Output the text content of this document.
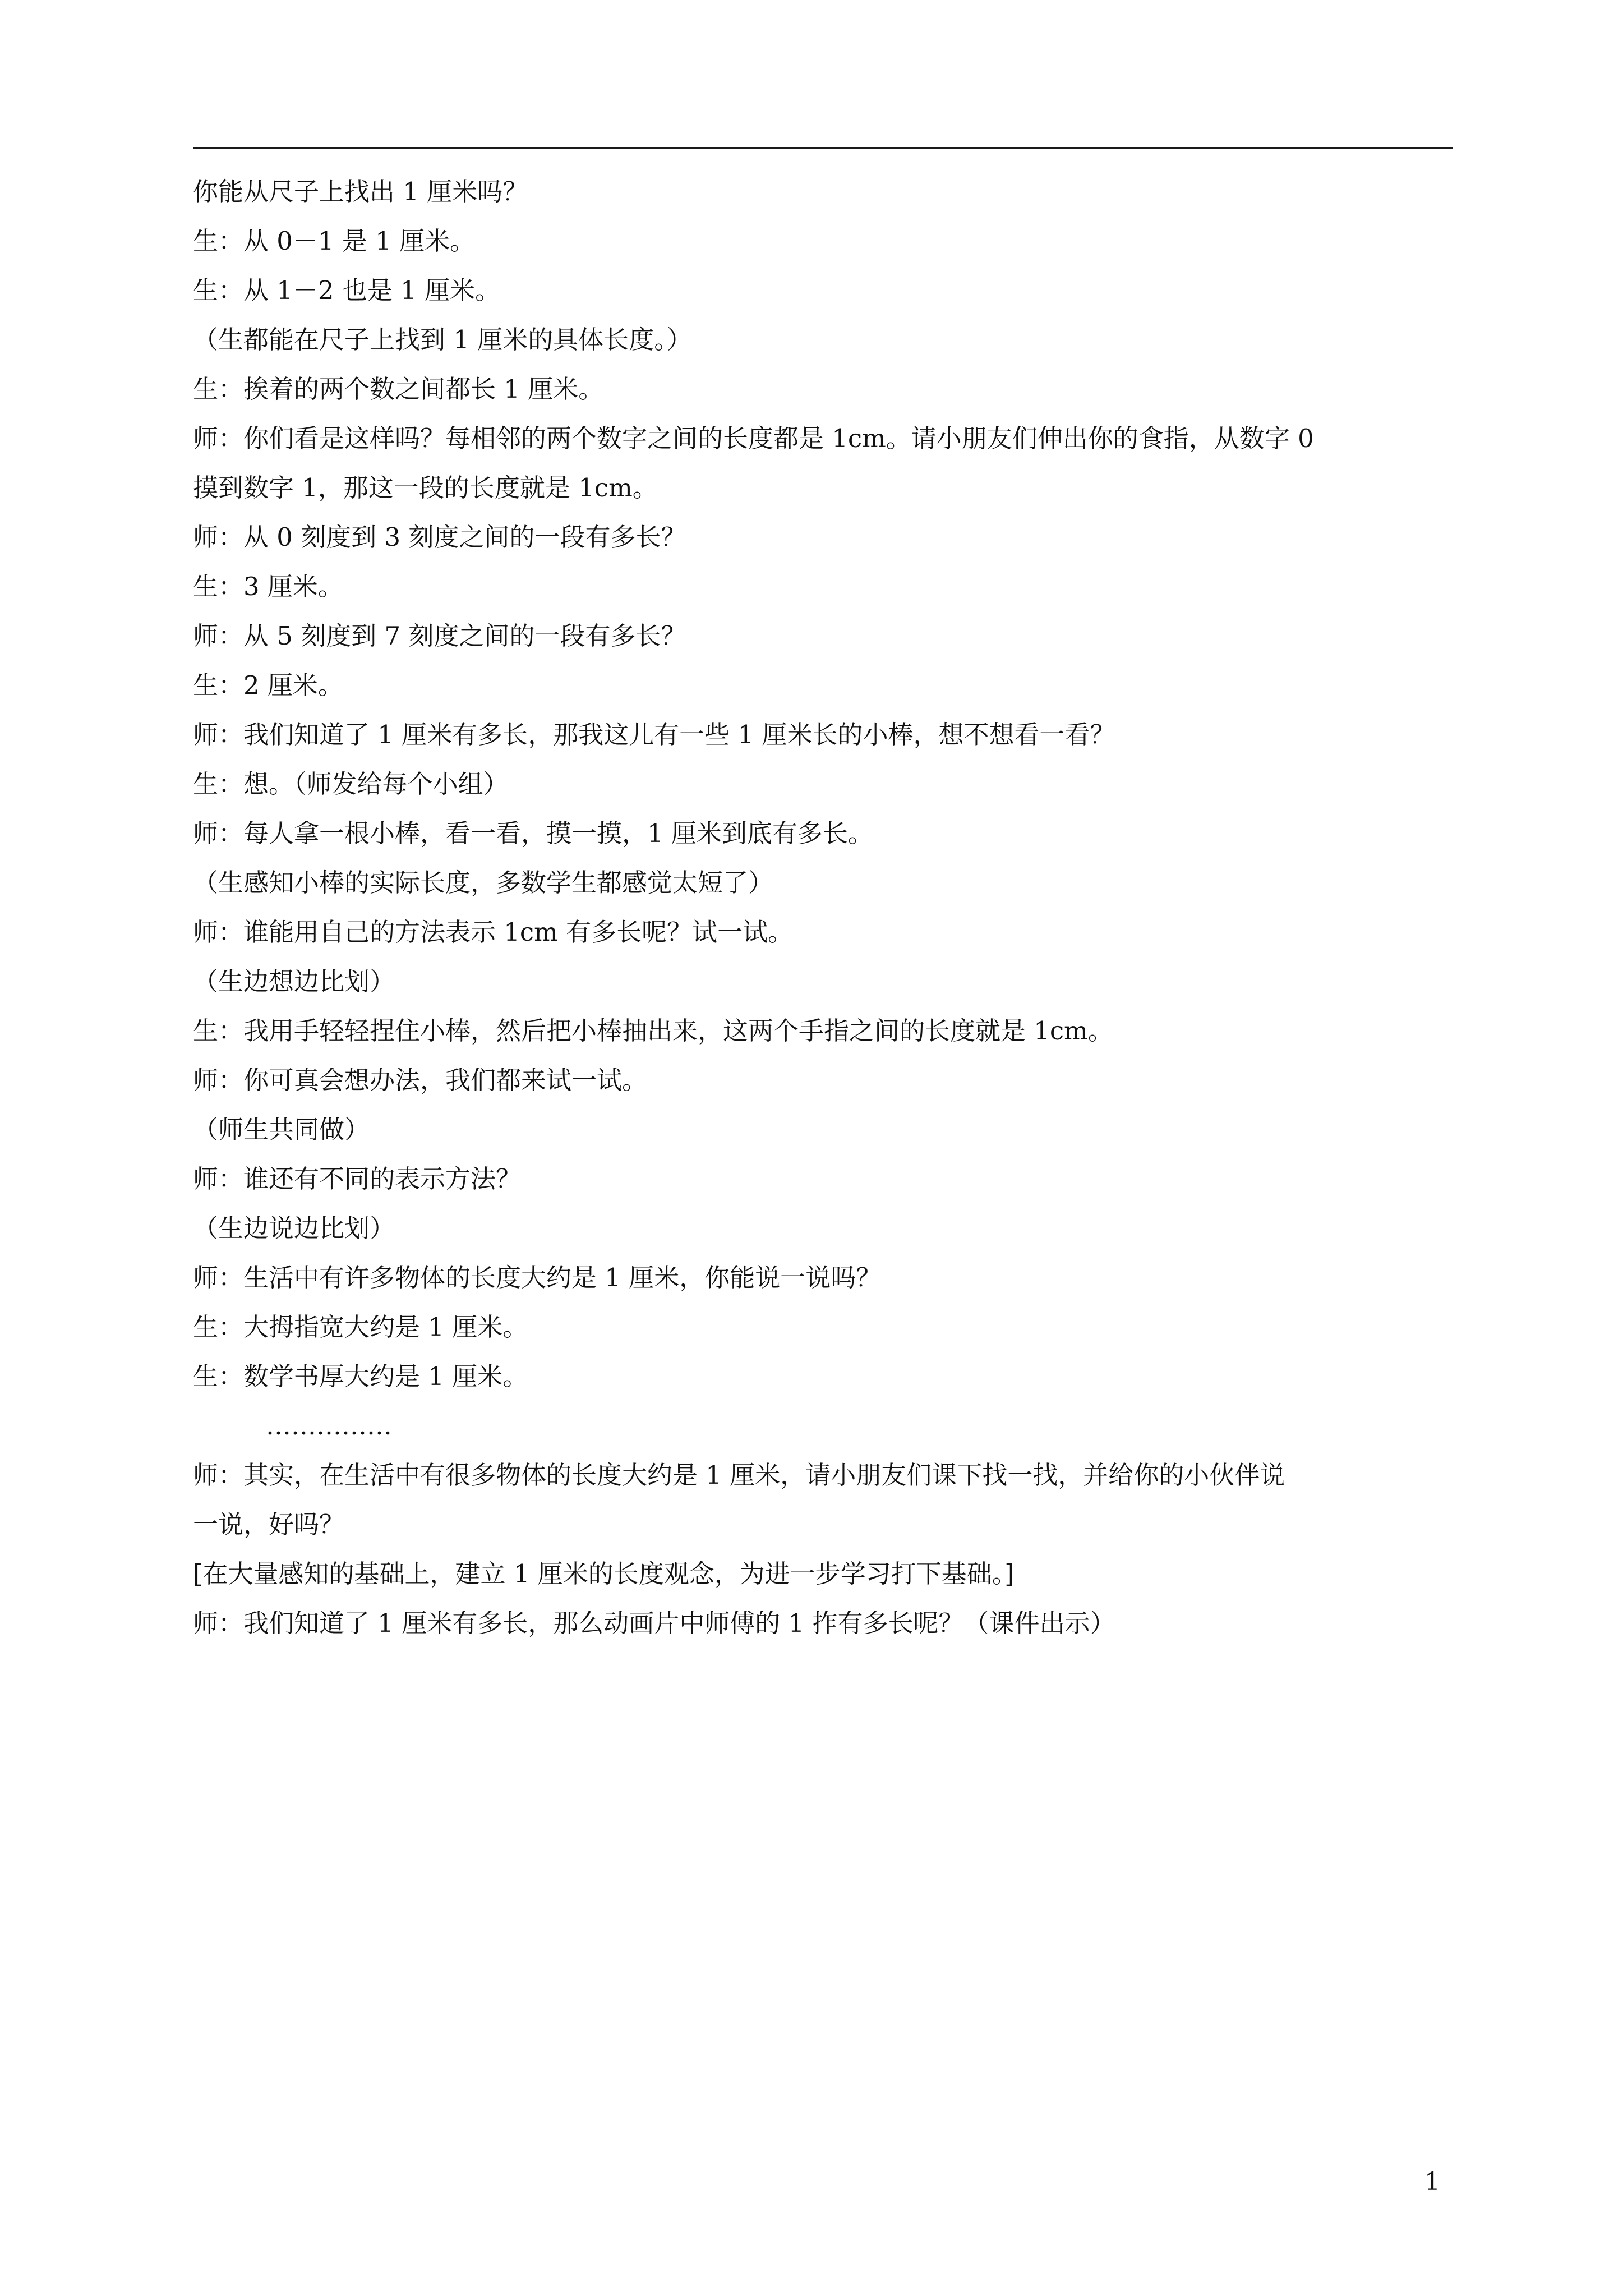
你能从尺子上找出 1 厘米吗？
生：从 0－1 是 1 厘米。
生：从 1－2 也是 1 厘米。
（生都能在尺子上找到 1 厘米的具体长度。）
生：挨着的两个数之间都长 1 厘米。
师：你们看是这样吗？每相邻的两个数字之间的长度都是 1cm。请小朋友们伸出你的食指，从数字 0
摸到数字 1，那这一段的长度就是 1cm。
师：从 0 刻度到 3 刻度之间的一段有多长？
生：3 厘米。
师：从 5 刻度到 7 刻度之间的一段有多长？
生：2 厘米。
师：我们知道了 1 厘米有多长，那我这儿有一些 1 厘米长的小棒，想不想看一看？
生：想。（师发给每个小组）
师：每人拿一根小棒，看一看，摸一摸，1 厘米到底有多长。
（生感知小棒的实际长度，多数学生都感觉太短了）
师：谁能用自己的方法表示 1cm 有多长呢？试一试。
（生边想边比划）
生：我用手轻轻捏住小棒，然后把小棒抽出来，这两个手指之间的长度就是 1cm。
师：你可真会想办法，我们都来试一试。
（师生共同做）
师：谁还有不同的表示方法？
（生边说边比划）
师：生活中有许多物体的长度大约是 1 厘米，你能说一说吗？
生：大拇指宽大约是 1 厘米。
生：数学书厚大约是 1 厘米。
……………
师：其实，在生活中有很多物体的长度大约是 1 厘米，请小朋友们课下找一找，并给你的小伙伴说
一说，好吗？
[在大量感知的基础上，建立 1 厘米的长度观念，为进一步学习打下基础。]
师：我们知道了 1 厘米有多长，那么动画片中师傅的 1 拃有多长呢？（课件出示）
1
